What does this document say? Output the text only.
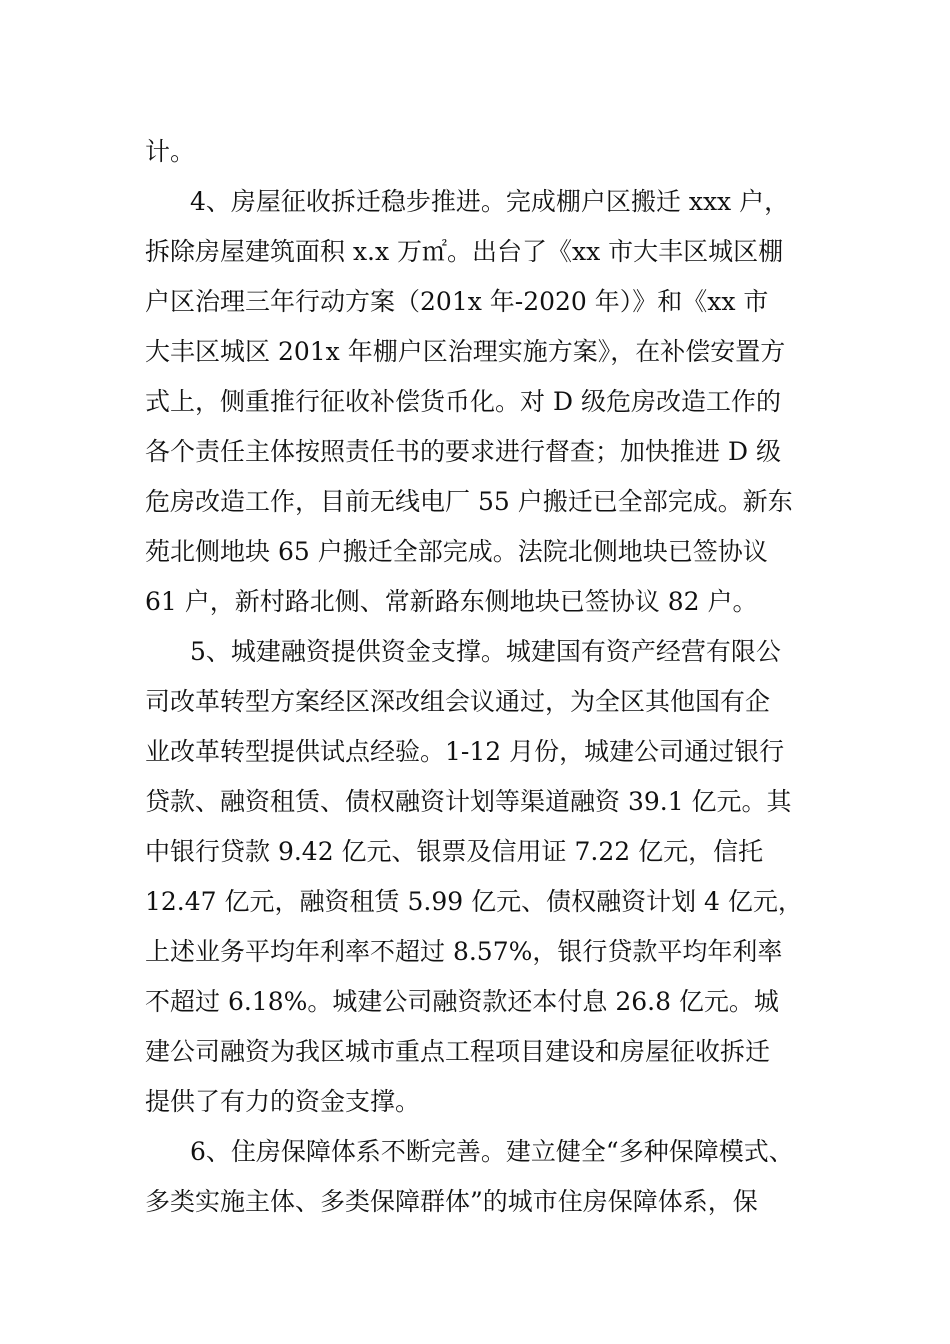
计。
4、房屋征收拆迁稳步推进。完成棚户区搬迁 xxx 户，
拆除房屋建筑面积 x.x 万㎡。出台了《xx 市大丰区城区棚
户区治理三年行动方案（201x 年-2020 年）》和《xx 市
大丰区城区 201x 年棚户区治理实施方案》，在补偿安置方
式上，侧重推行征收补偿货币化。对 D 级危房改造工作的
各个责任主体按照责任书的要求进行督查；加快推进 D 级
危房改造工作，目前无线电厂 55 户搬迁已全部完成。新东
苑北侧地块 65 户搬迁全部完成。法院北侧地块已签协议
61 户，新村路北侧、常新路东侧地块已签协议 82 户。
5、城建融资提供资金支撑。城建国有资产经营有限公
司改革转型方案经区深改组会议通过，为全区其他国有企
业改革转型提供试点经验。1-12 月份，城建公司通过银行
贷款、融资租赁、债权融资计划等渠道融资 39.1 亿元。其
中银行贷款 9.42 亿元、银票及信用证 7.22 亿元，信托
12.47 亿元，融资租赁 5.99 亿元、债权融资计划 4 亿元，
上述业务平均年利率不超过 8.57%，银行贷款平均年利率
不超过 6.18%。城建公司融资款还本付息 26.8 亿元。城
建公司融资为我区城市重点工程项目建设和房屋征收拆迁
提供了有力的资金支撑。
6、住房保障体系不断完善。建立健全“多种保障模式、
多类实施主体、多类保障群体”的城市住房保障体系，保
